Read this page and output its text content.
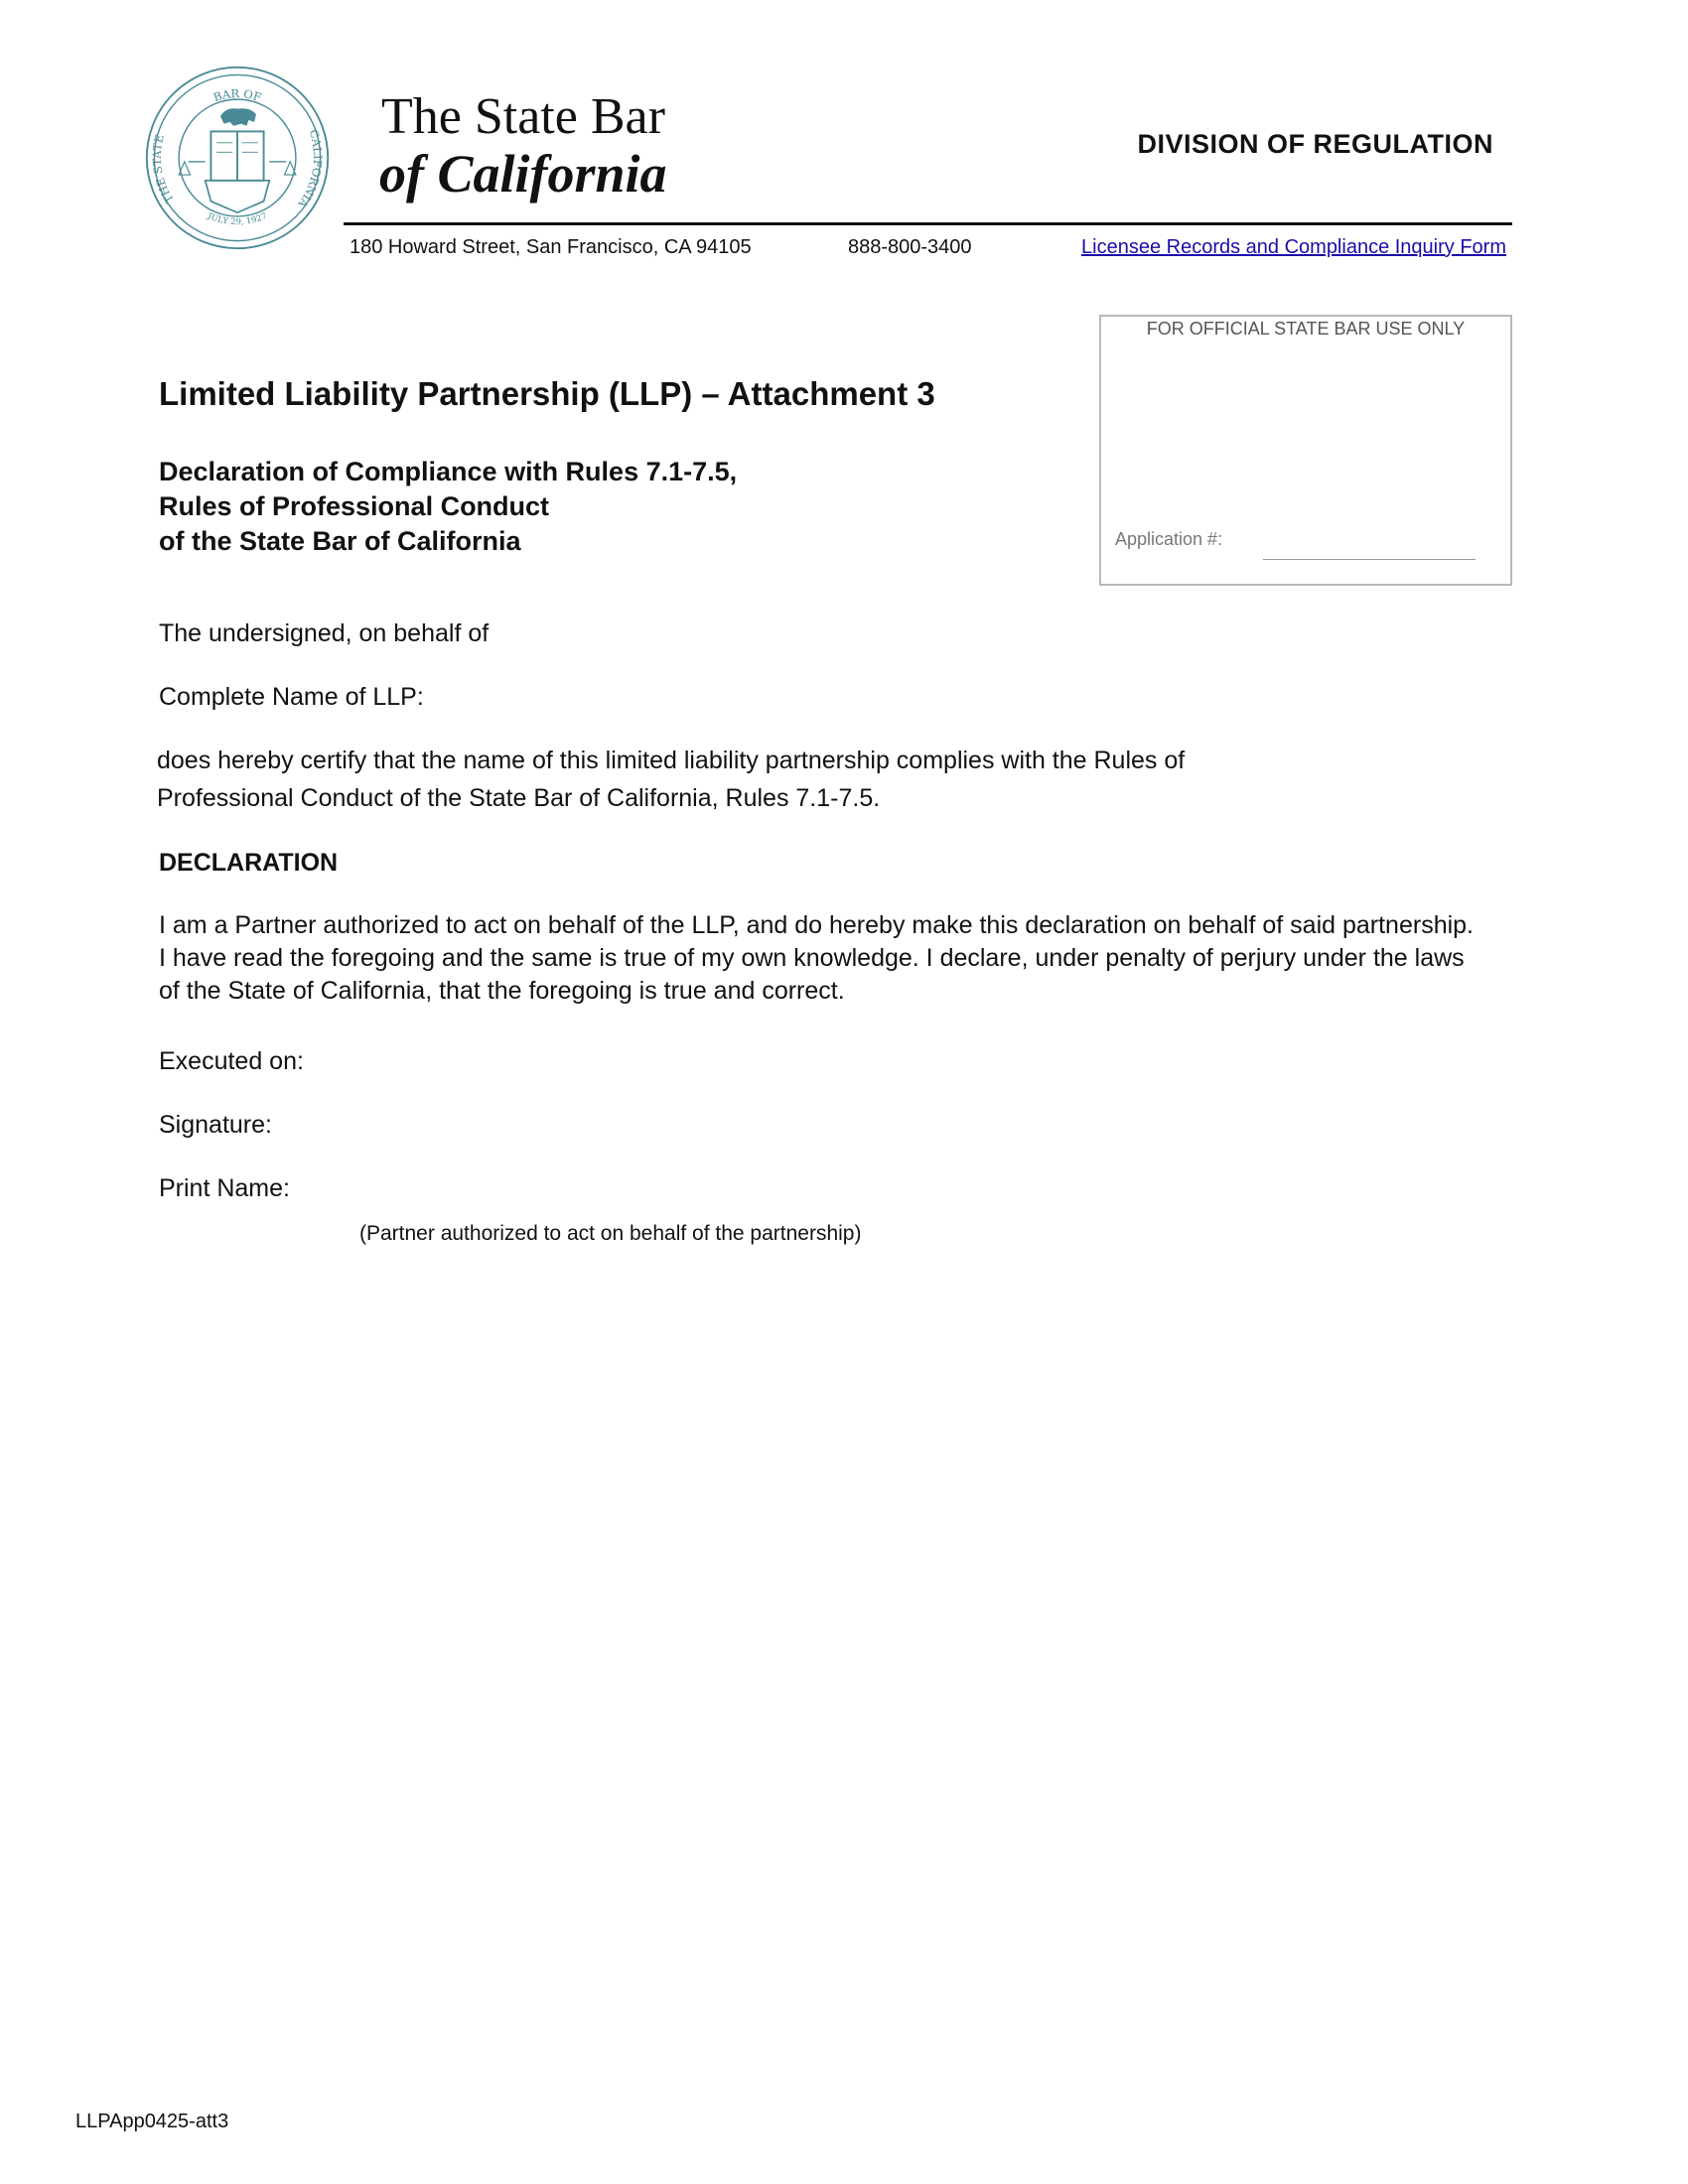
BAR OF
THE STATE	CALIFORNIA
JULY 29, 1927
The State Bar
of California	DIVISION OF REGULATION
180 Howard Street, San Francisco, CA 94105	888-800-3400	Licensee Records and Compliance Inquiry Form
FOR OFFICIAL STATE BAR USE ONLY
Application #:
Limited Liability Partnership (LLP) – Attachment 3
Declaration of Compliance with Rules 7.1-7.5,
Rules of Professional Conduct
of the State Bar of California
The undersigned, on behalf of
Complete Name of LLP:
does hereby certify that the name of this limited liability partnership complies with the Rules of
Professional Conduct of the State Bar of California, Rules 7.1-7.5.
DECLARATION
I am a Partner authorized to act on behalf of the LLP, and do hereby make this declaration on behalf of said partnership. I have read the foregoing and the same is true of my own knowledge. I declare, under penalty of perjury under the laws of the State of California, that the foregoing is true and correct.
Executed on:
Signature:
Print Name:
(Partner authorized to act on behalf of the partnership)
LLPApp0425-att3
